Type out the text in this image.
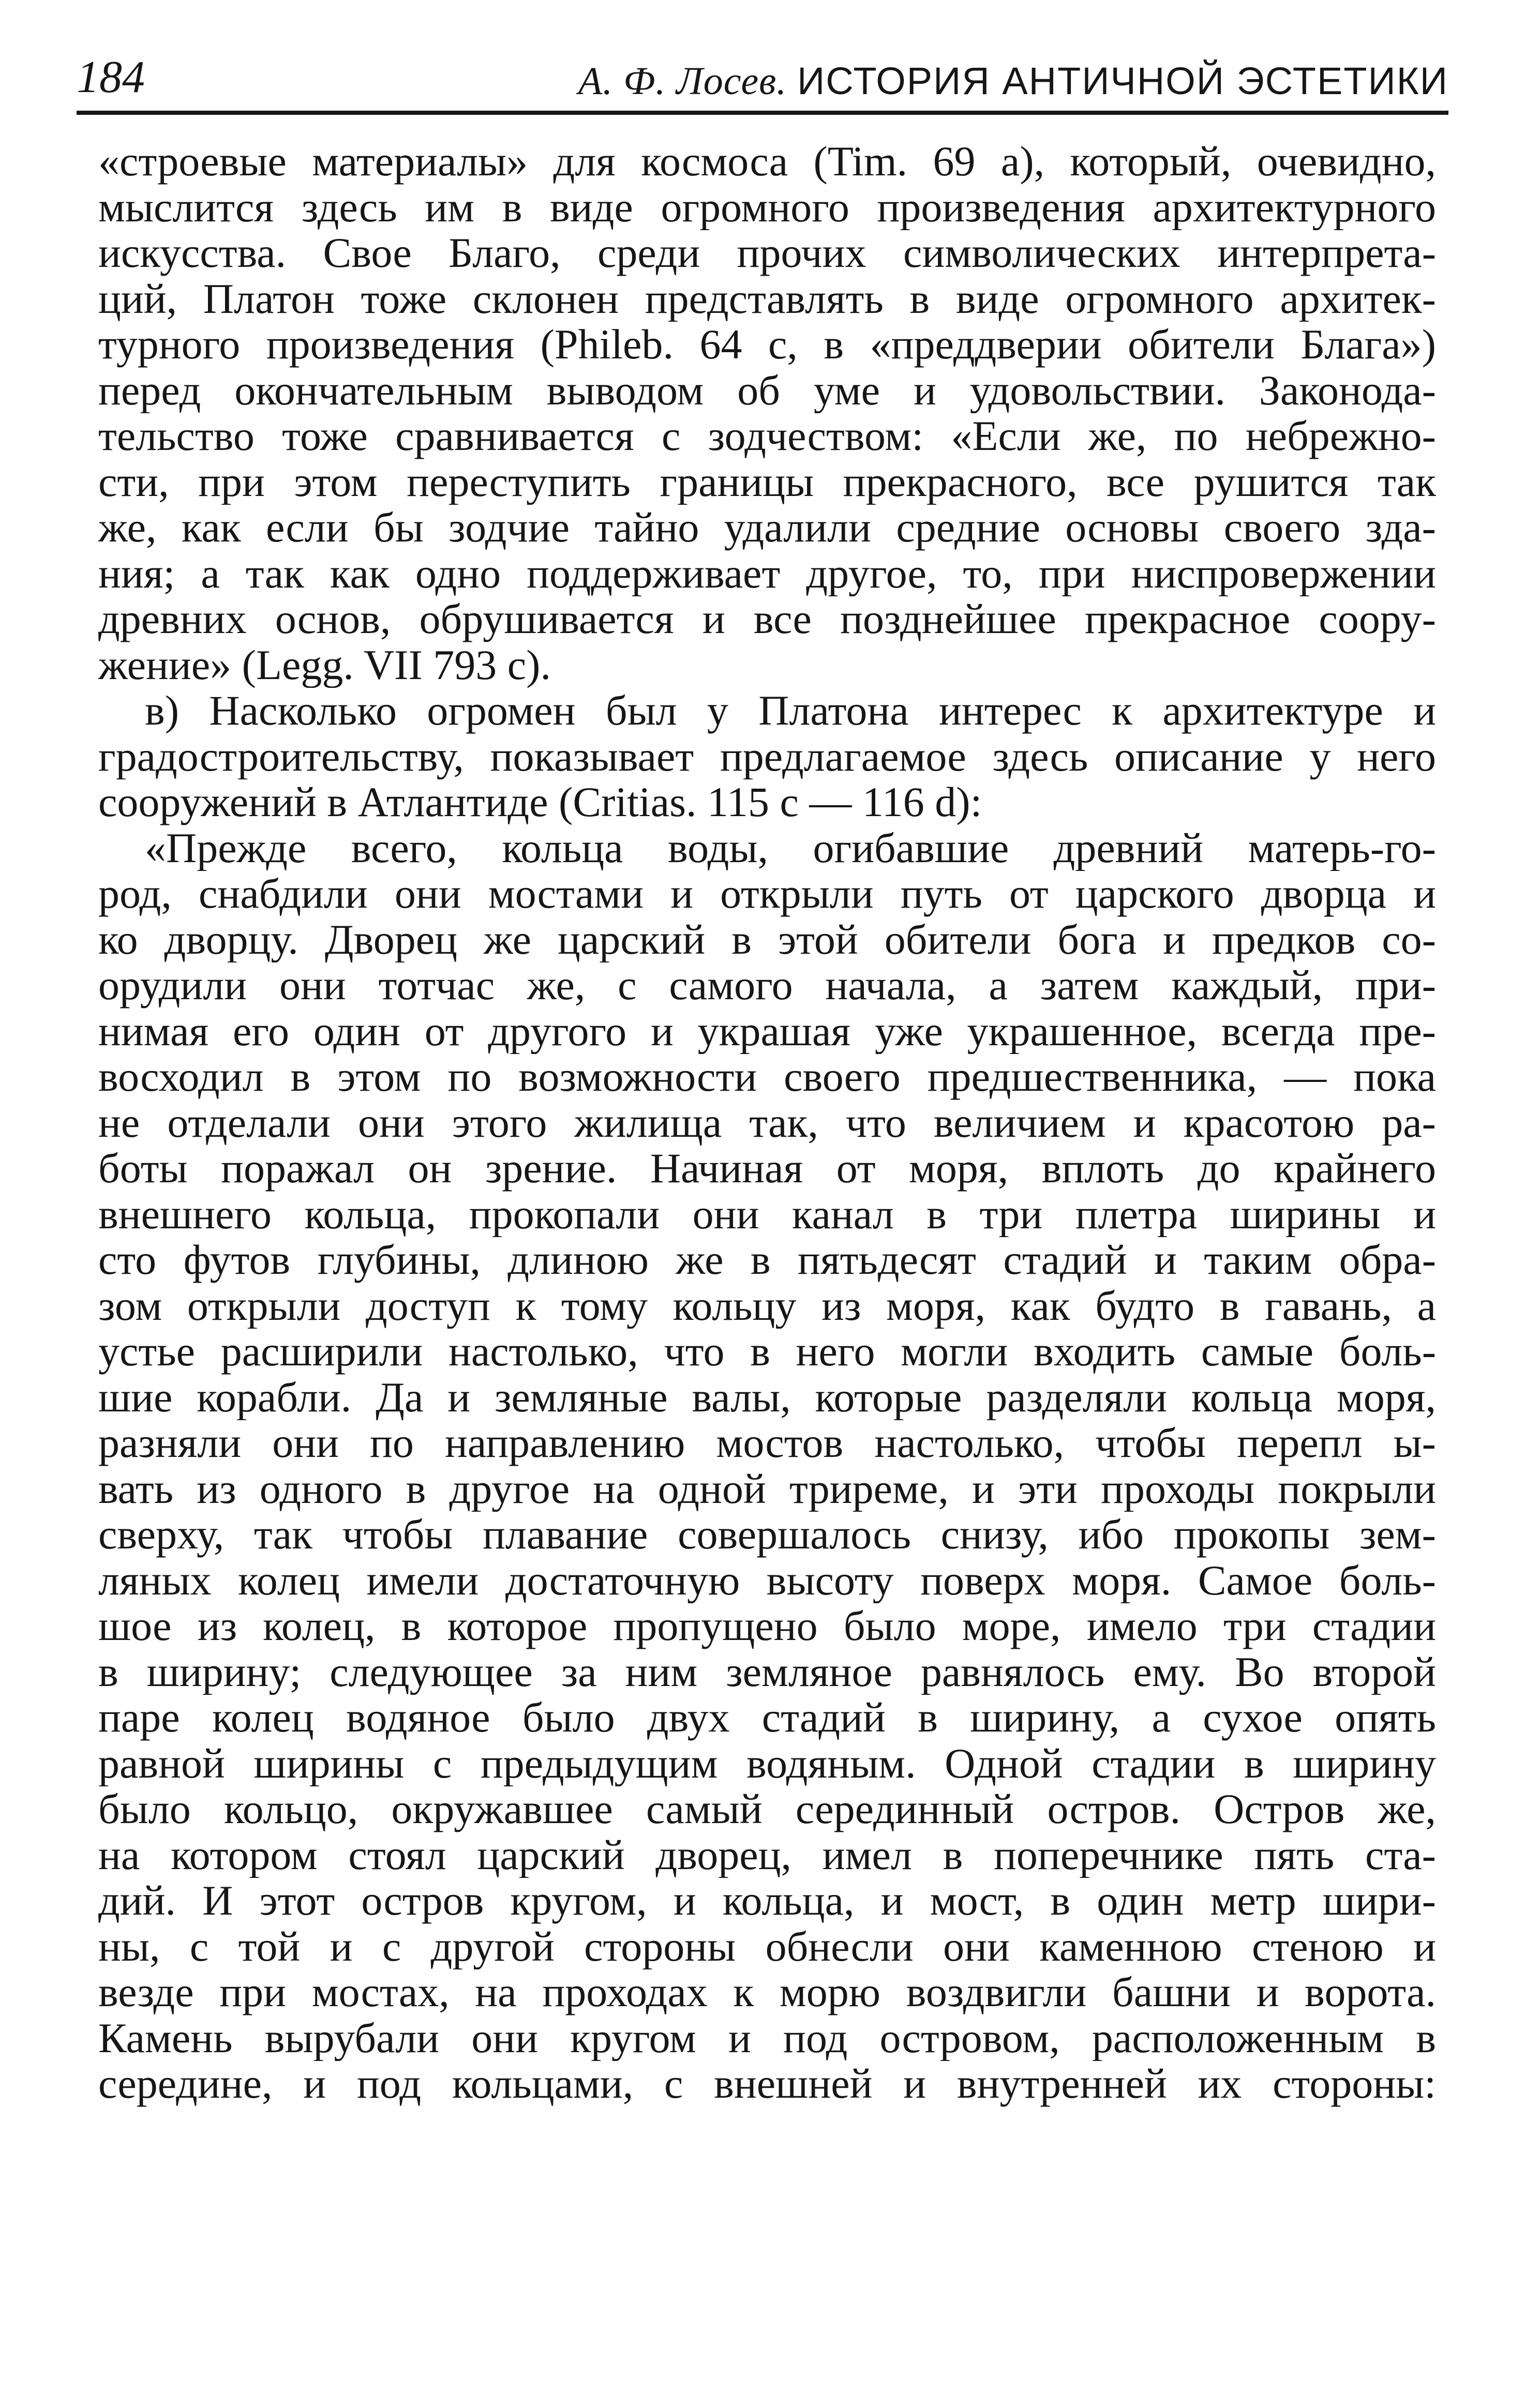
184	А. Ф. Лосев. ИСТОРИЯ АНТИЧНОЙ ЭСТЕТИКИ
«строевые материалы» для космоса (Tim. 69 a), который, очевидно,
мыслится здесь им в виде огромного произведения архитектурного
искусства. Свое Благо, среди прочих символических интерпрета-
ций, Платон тоже склонен представлять в виде огромного архитек-
турного произведения (Phileb. 64 c, в «преддверии обители Блага»)
перед окончательным выводом об уме и удовольствии. Законода-
тельство тоже сравнивается с зодчеством: «Если же, по небрежно-
сти, при этом переступить границы прекрасного, все рушится так
же, как если бы зодчие тайно удалили средние основы своего зда-
ния; а так как одно поддерживает другое, то, при ниспровержении
древних основ, обрушивается и все позднейшее прекрасное соору-
жение» (Legg. VII 793 c).
в) Насколько огромен был у Платона интерес к архитектуре и
градостроительству, показывает предлагаемое здесь описание у него
сооружений в Атлантиде (Critias. 115 c — 116 d):
«Прежде всего, кольца воды, огибавшие древний матерь-го-
род, снабдили они мостами и открыли путь от царского дворца и
ко дворцу. Дворец же царский в этой обители бога и предков со-
орудили они тотчас же, с самого начала, а затем каждый, при-
нимая его один от другого и украшая уже украшенное, всегда пре-
восходил в этом по возможности своего предшественника, — пока
не отделали они этого жилища так, что величием и красотою ра-
боты поражал он зрение. Начиная от моря, вплоть до крайнего
внешнего кольца, прокопали они канал в три плетра ширины и
сто футов глубины, длиною же в пятьдесят стадий и таким обра-
зом открыли доступ к тому кольцу из моря, как будто в гавань, а
устье расширили настолько, что в него могли входить самые боль-
шие корабли. Да и земляные валы, которые разделяли кольца моря,
разняли они по направлению мостов настолько, чтобы перепл ы-
вать из одного в другое на одной триреме, и эти проходы покрыли
сверху, так чтобы плавание совершалось снизу, ибо прокопы зем-
ляных колец имели достаточную высоту поверх моря. Самое боль-
шое из колец, в которое пропущено было море, имело три стадии
в ширину; следующее за ним земляное равнялось ему. Во второй
паре колец водяное было двух стадий в ширину, а сухое опять
равной ширины с предыдущим водяным. Одной стадии в ширину
было кольцо, окружавшее самый серединный остров. Остров же,
на котором стоял царский дворец, имел в поперечнике пять ста-
дий. И этот остров кругом, и кольца, и мост, в один метр шири-
ны, с той и с другой стороны обнесли они каменною стеною и
везде при мостах, на проходах к морю воздвигли башни и ворота.
Камень вырубали они кругом и под островом, расположенным в
середине, и под кольцами, с внешней и внутренней их стороны:
